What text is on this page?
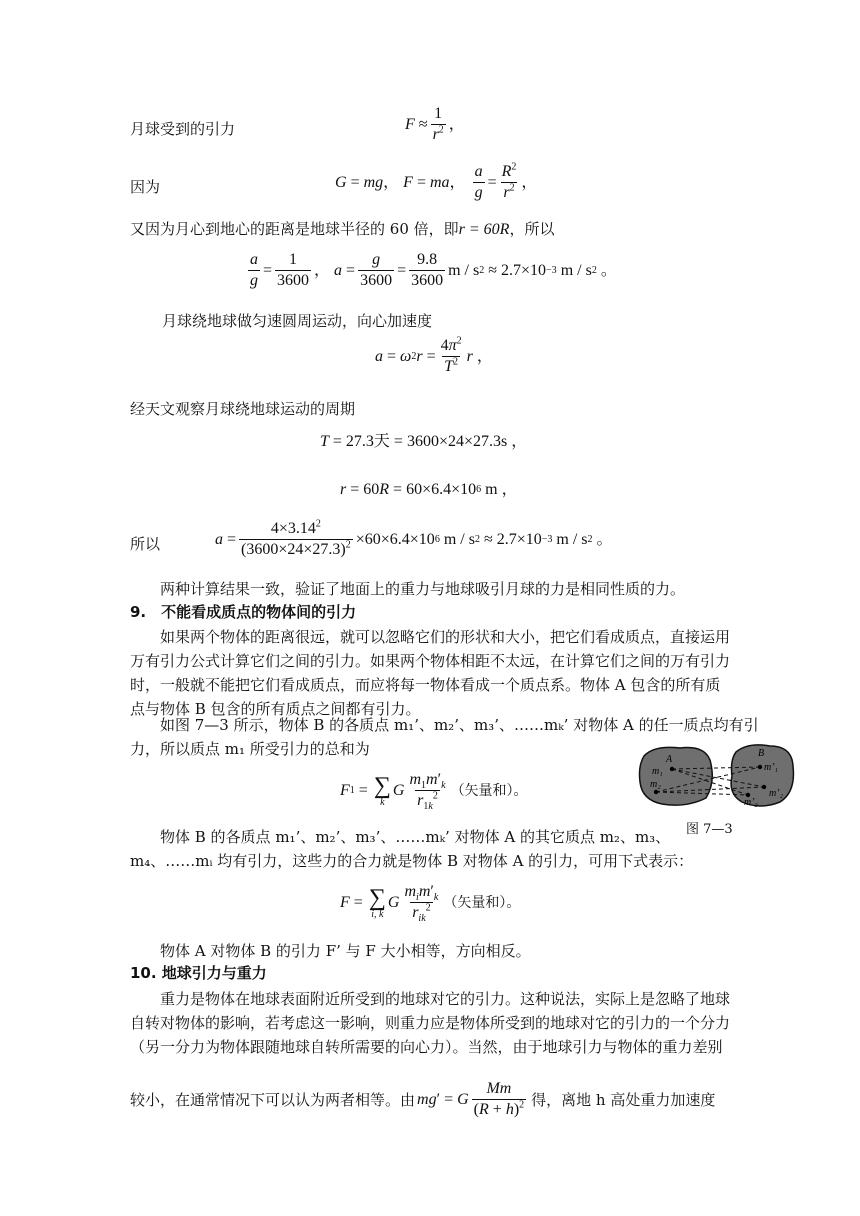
月球受到的引力	$F \approx \frac{1}{r^2}$ ，
因为	G = mg ， F = ma ， $\frac{a}{g} = \frac{R^2}{r^2}$ ，
又因为月心到地心的距离是地球半径的 60 倍，即r = 60R，所以
$\frac{a}{g} = \frac{1}{3600}$ ， $a = \frac{g}{3600} = \frac{9.8}{3600}$ m / s 2 ≈ 2.7×10 −3 m / s 2 。
月球绕地球做匀速圆周运动，向心加速度
a = ω 2 $r = \frac{4\pi^2}{T^2}$ r ，
经天文观察月球绕地球运动的周期
T = 27.3天 = 3600×24×27.3s ，
r = 60 R = 60×6.4×10 6 m ，
所以	$a = \frac{4\times 3.14^2}{(3600\times 24\times 27.3)^2} \times 60\times 6.4\times 10$ 6 m / s 2 ≈ 2.7×10 −3 m / s 2 。
两种计算结果一致，验证了地面上的重力与地球吸引月球的力是相同性质的力。
9.　不能看成质点的物体间的引力
如果两个物体的距离很远，就可以忽略它们的形状和大小，把它们看成质点，直接运用
万有引力公式计算它们之间的引力。如果两个物体相距不太远，在计算它们之间的万有引力
时，一般就不能把它们看成质点，而应将每一物体看成一个质点系。物体 A 包含的所有质
点与物体 B 包含的所有质点之间都有引力。
如图 7—3 所示，物体 B 的各质点 m₁’、m₂’、m₃’、……mₖ’ 对物体 A 的任一质点均有引
力，所以质点 m₁ 所受引力的总和为
F 1 = ∑
k
G $\frac{m_1m'_k}{r_{1k}^2}$ （矢量和）。
A
B
m₁
m₂
m’₁
m’₂
m’₃
图 7—3
物体 B 的各质点 m₁’、m₂’、m₃’、……mₖ’ 对物体 A 的其它质点 m₂、m₃、
m₄、……mᵢ 均有引力，这些力的合力就是物体 B 对物体 A 的引力，可用下式表示：
F = ∑
i, k
G $\frac{m_im'_k}{r_{ik}^2}$ （矢量和）。
物体 A 对物体 B 的引力 F’ 与 F 大小相等，方向相反。
10. 地球引力与重力
重力是物体在地球表面附近所受到的地球对它的引力。这种说法，实际上是忽略了地球
自转对物体的影响，若考虑这一影响，则重力应是物体所受到的地球对它的引力的一个分力
（另一分力为物体跟随地球自转所需要的向心力）。当然，由于地球引力与物体的重力差别
较小，在通常情况下可以认为两者相等。由 mg ′ = G $\frac{Mm}{(R + h)^2}$ 得，离地 h 高处重力加速度
